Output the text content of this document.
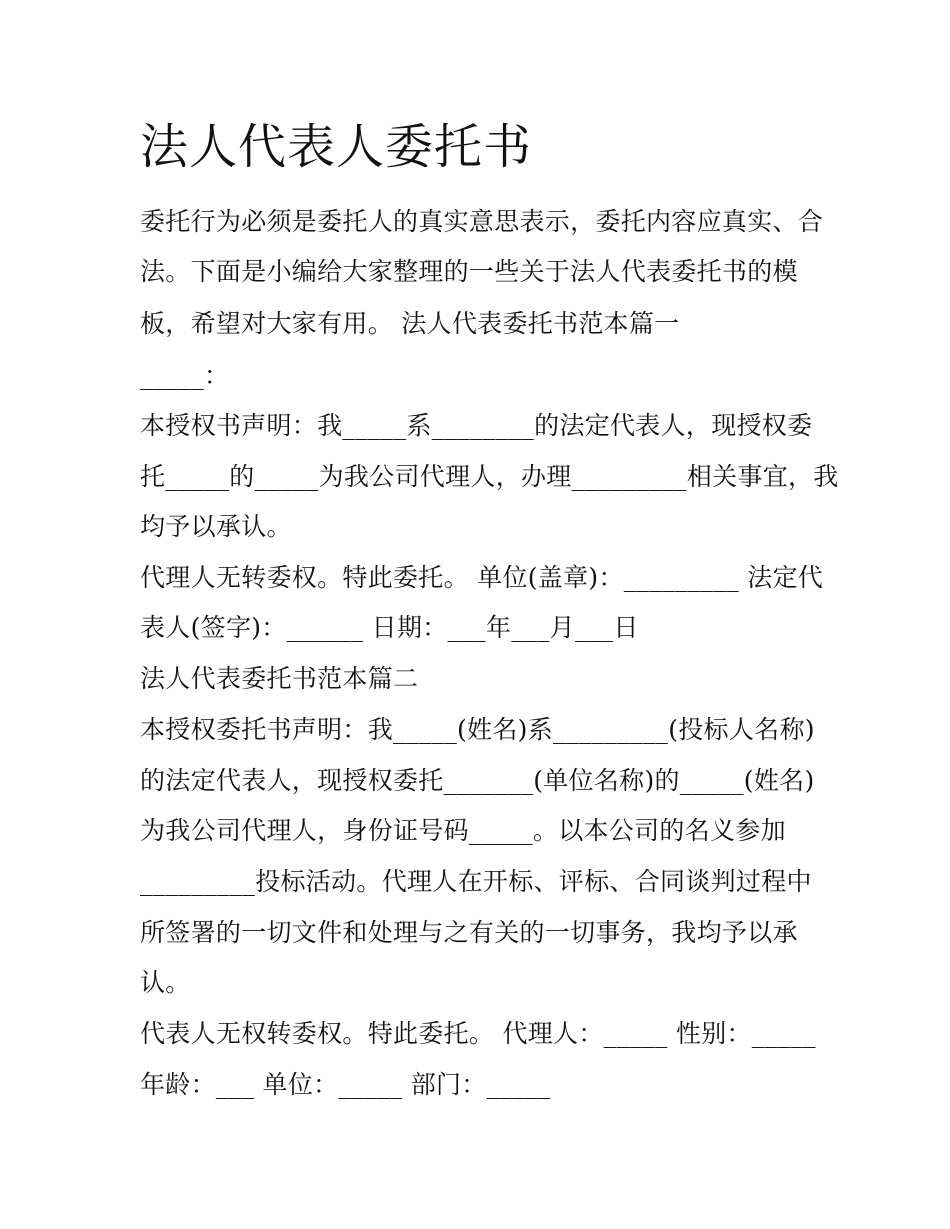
法人代表人委托书
委托行为必须是委托人的真实意思表示，委托内容应真实、合
法。下面是小编给大家整理的一些关于法人代表委托书的模
板，希望对大家有用。 法人代表委托书范本篇一
_____：
本授权书声明：我_____系________的法定代表人，现授权委
托_____的_____为我公司代理人，办理_________相关事宜，我
均予以承认。
代理人无转委权。特此委托。 单位(盖章)：_________ 法定代
表人(签字)：______ 日期：___年___月___日
法人代表委托书范本篇二
本授权委托书声明：我_____(姓名)系_________(投标人名称)
的法定代表人，现授权委托_______(单位名称)的_____(姓名)
为我公司代理人，身份证号码_____。以本公司的名义参加
_________投标活动。代理人在开标、评标、合同谈判过程中
所签署的一切文件和处理与之有关的一切事务，我均予以承
认。
代表人无权转委权。特此委托。 代理人：_____ 性别：_____
年龄：___ 单位：_____ 部门：_____
